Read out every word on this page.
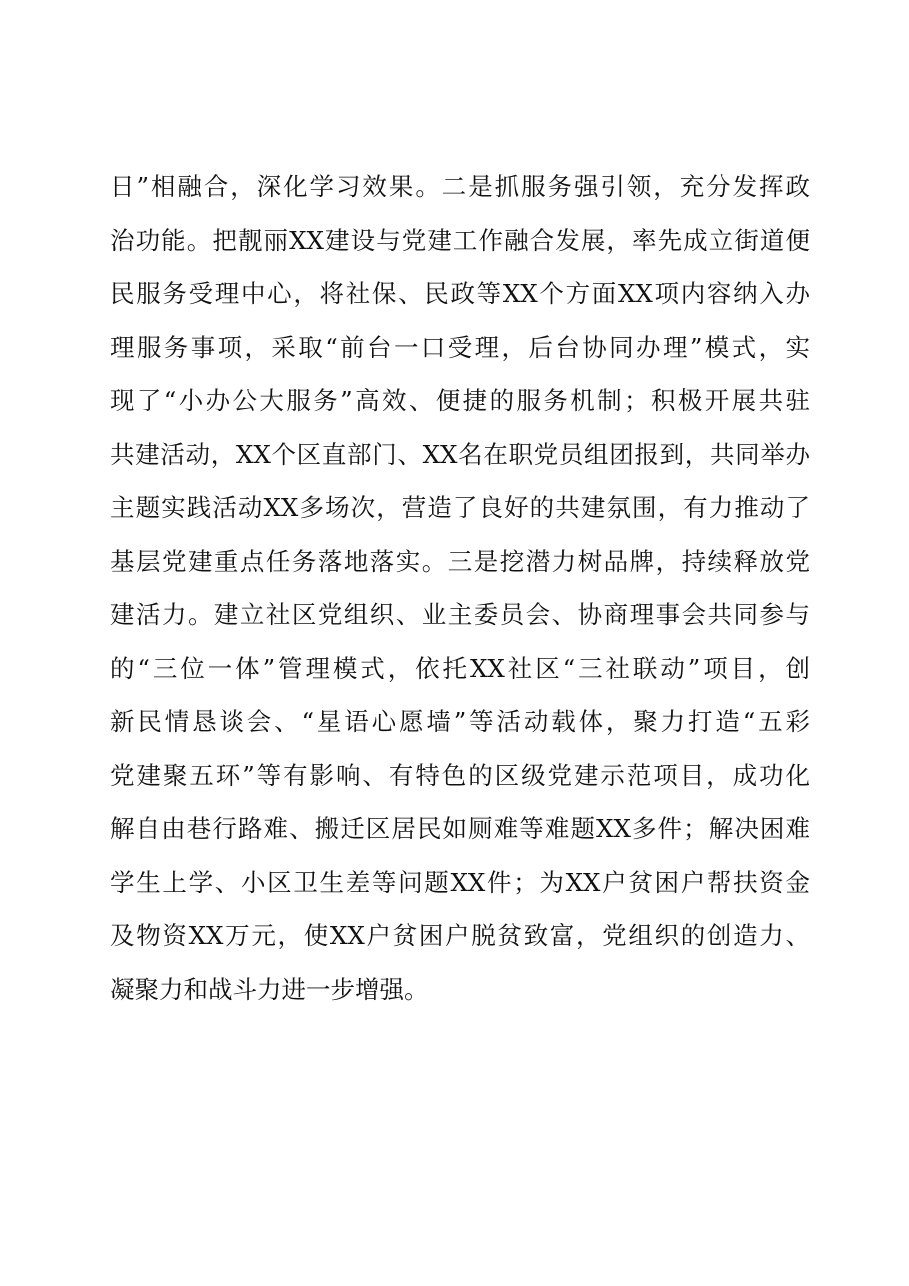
日”相融合，深化学习效果。二是抓服务强引领，充分发挥政
治功能。把靓丽XX建设与党建工作融合发展，率先成立街道便
民服务受理中心，将社保、民政等XX个方面XX项内容纳入办
理服务事项，采取“前台一口受理，后台协同办理”模式，实
现了“小办公大服务”高效、便捷的服务机制；积极开展共驻
共建活动，XX个区直部门、XX名在职党员组团报到，共同举办
主题实践活动XX多场次，营造了良好的共建氛围，有力推动了
基层党建重点任务落地落实。三是挖潜力树品牌，持续释放党
建活力。建立社区党组织、业主委员会、协商理事会共同参与
的“三位一体”管理模式，依托XX社区“三社联动”项目，创
新民情恳谈会、“星语心愿墙”等活动载体，聚力打造“五彩
党建聚五环”等有影响、有特色的区级党建示范项目，成功化
解自由巷行路难、搬迁区居民如厕难等难题XX多件；解决困难
学生上学、小区卫生差等问题XX件；为XX户贫困户帮扶资金
及物资XX万元，使XX户贫困户脱贫致富，党组织的创造力、
凝聚力和战斗力进一步增强。
